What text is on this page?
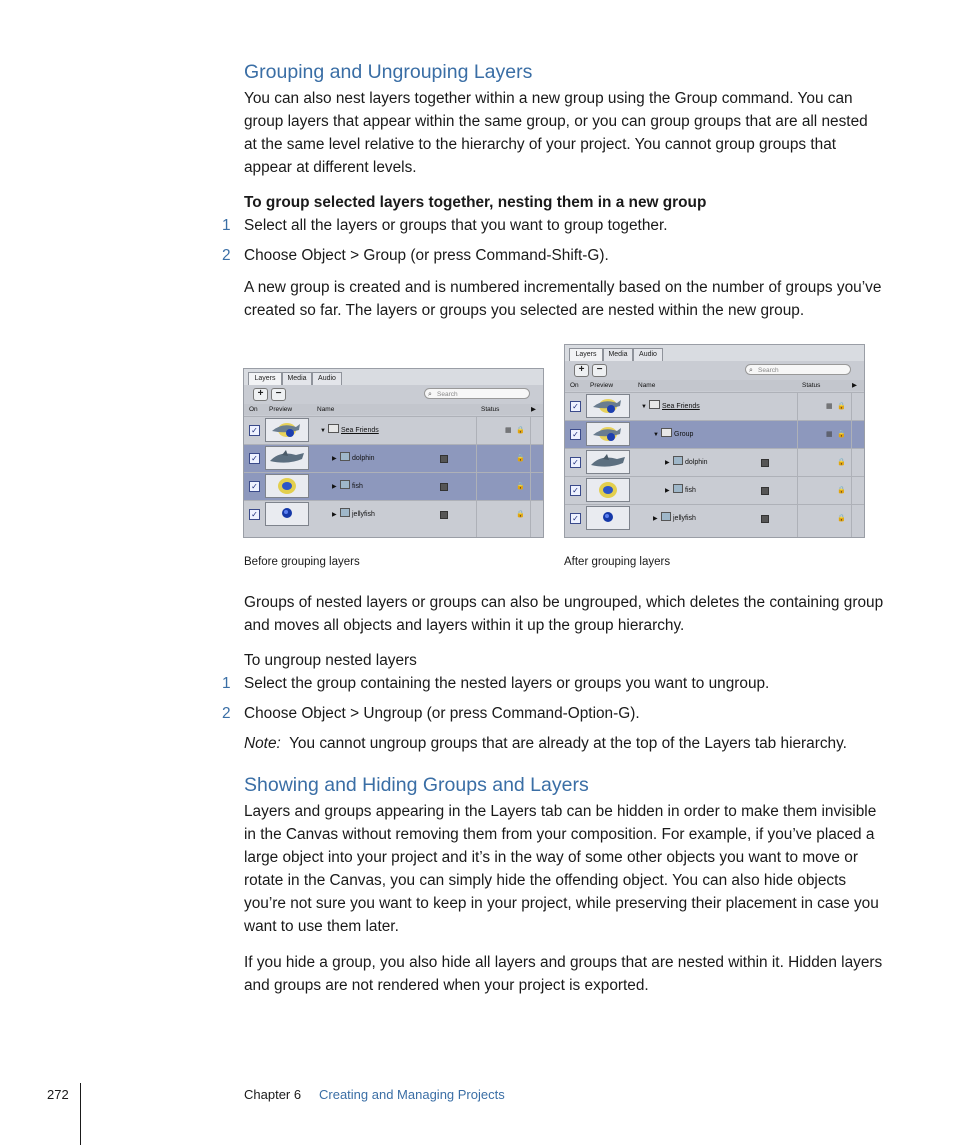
Grouping and Ungrouping Layers

You can also nest layers together within a new group using the Group command. You can group layers that appear within the same group, or you can group groups that are all nested at the same level relative to the hierarchy of your project. You cannot group groups that appear at different levels.

To group selected layers together, nesting them in a new group

1 Select all the layers or groups that you want to group together.

2 Choose Object > Group (or press Command-Shift-G).

A new group is created and is numbered incrementally based on the number of groups you’ve created so far. The layers or groups you selected are nested within the new group.

Layers	Media	Audio
+	−	⌕ Search
On Preview	Name	Status	▶
✓	▼ Sea Friends	▦ 🔒
✓	▶ dolphin	🔒
✓	▶ fish	🔒
✓	▶ jellyfish	🔒
Layers	Media	Audio
+	−	⌕ Search
On Preview	Name	Status	▶
✓	▼ Sea Friends	▦ 🔒
✓	▼ Group	▦ 🔒
✓	▶ dolphin	🔒
✓	▶ fish	🔒
✓	▶ jellyfish	🔒
Before grouping layers	After grouping layers

Groups of nested layers or groups can also be ungrouped, which deletes the containing group and moves all objects and layers within it up the group hierarchy.

To ungroup nested layers

1 Select the group containing the nested layers or groups you want to ungroup.

2 Choose Object > Ungroup (or press Command-Option-G).

Note: You cannot ungroup groups that are already at the top of the Layers tab hierarchy.

Showing and Hiding Groups and Layers

Layers and groups appearing in the Layers tab can be hidden in order to make them invisible in the Canvas without removing them from your composition. For example, if you’ve placed a large object into your project and it’s in the way of some other objects you want to move or rotate in the Canvas, you can simply hide the offending object. You can also hide objects you’re not sure you want to keep in your project, while preserving their placement in case you want to use them later.

If you hide a group, you also hide all layers and groups that are nested within it. Hidden layers and groups are not rendered when your project is exported.

272	Chapter 6 Creating and Managing Projects
